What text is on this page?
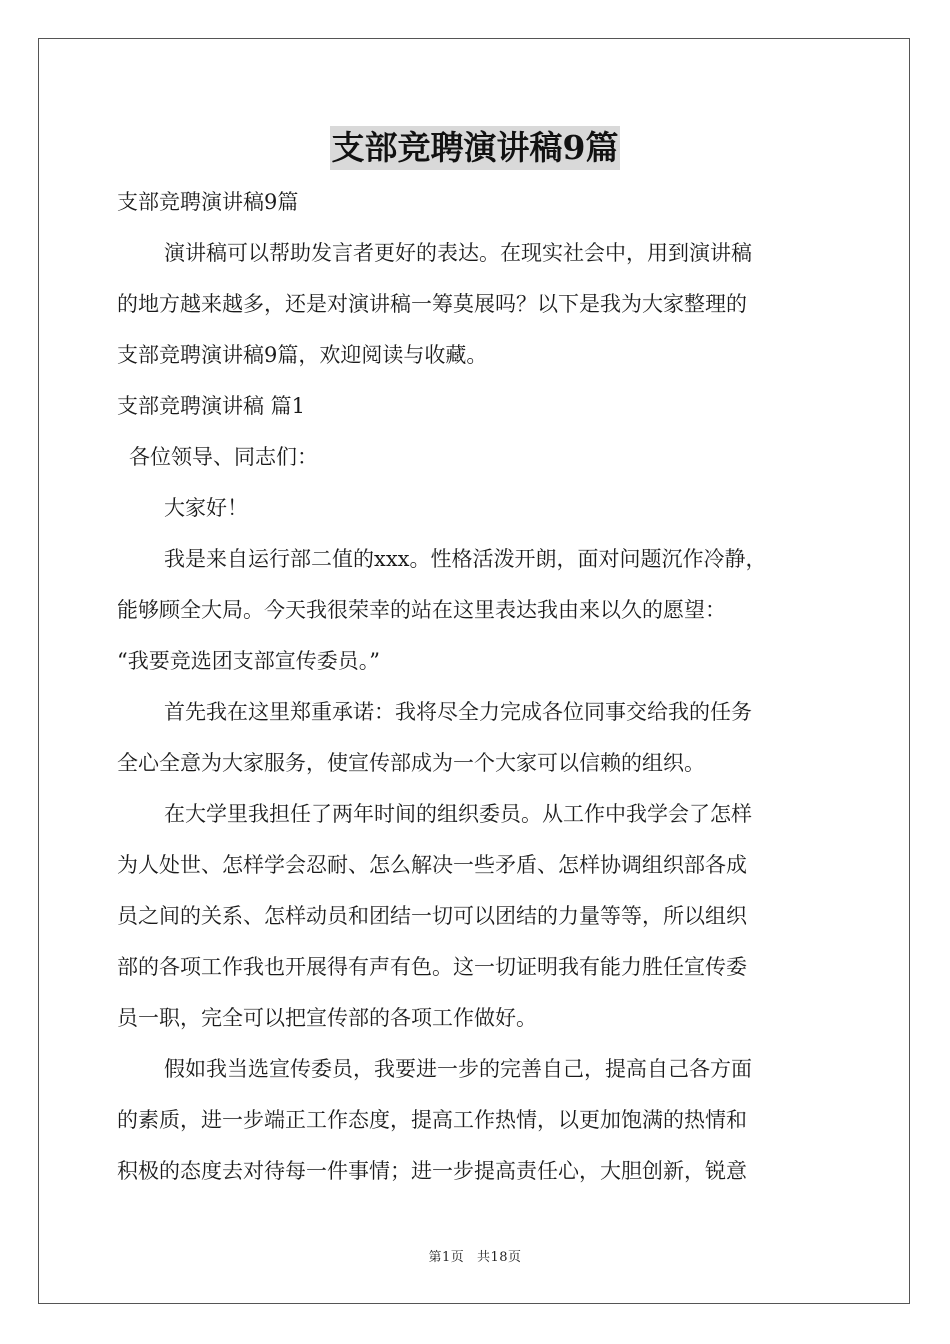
支部竞聘演讲稿9篇
支部竞聘演讲稿9篇
演讲稿可以帮助发言者更好的表达。在现实社会中，用到演讲稿
的地方越来越多，还是对演讲稿一筹莫展吗？以下是我为大家整理的
支部竞聘演讲稿9篇，欢迎阅读与收藏。
支部竞聘演讲稿 篇1
各位领导、同志们：
大家好！
我是来自运行部二值的xxx。性格活泼开朗，面对问题沉作冷静，
能够顾全大局。今天我很荣幸的站在这里表达我由来以久的愿望：
“我要竞选团支部宣传委员。”
首先我在这里郑重承诺：我将尽全力完成各位同事交给我的任务
全心全意为大家服务，使宣传部成为一个大家可以信赖的组织。
在大学里我担任了两年时间的组织委员。从工作中我学会了怎样
为人处世、怎样学会忍耐、怎么解决一些矛盾、怎样协调组织部各成
员之间的关系、怎样动员和团结一切可以团结的力量等等，所以组织
部的各项工作我也开展得有声有色。这一切证明我有能力胜任宣传委
员一职，完全可以把宣传部的各项工作做好。
假如我当选宣传委员，我要进一步的完善自己，提高自己各方面
的素质，进一步端正工作态度，提高工作热情，以更加饱满的热情和
积极的态度去对待每一件事情；进一步提高责任心，大胆创新，锐意
第1页 共18页
